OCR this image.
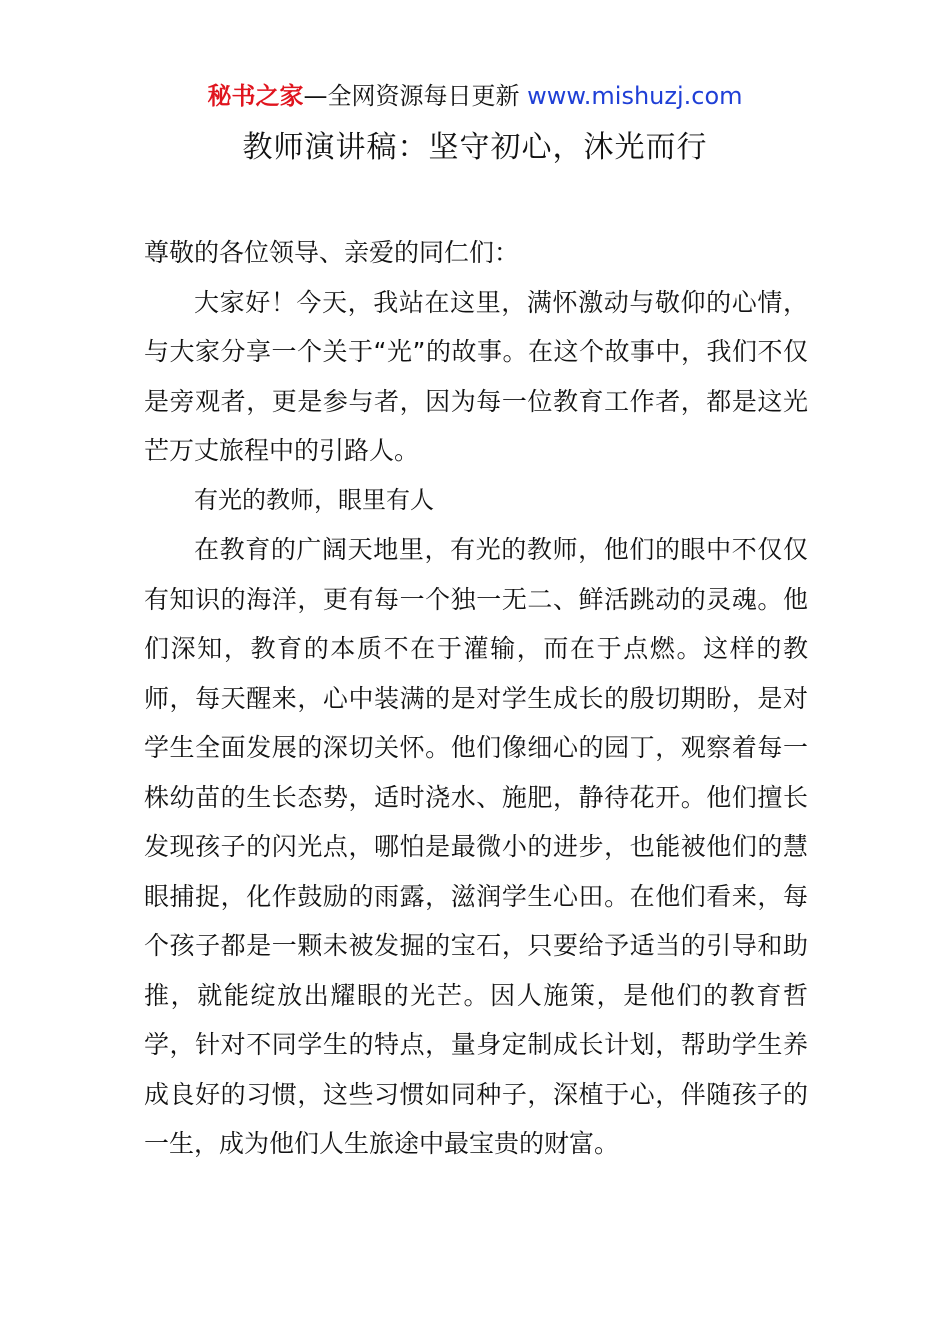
秘书之家—全网资源每日更新 www.mishuzj.com
教师演讲稿：坚守初心，沐光而行

尊敬的各位领导、亲爱的同仁们：

大家好！今天，我站在这里，满怀激动与敬仰的心情，与大家分享一个关于“光”的故事。在这个故事中，我们不仅是旁观者，更是参与者，因为每一位教育工作者，都是这光芒万丈旅程中的引路人。

有光的教师，眼里有人

在教育的广阔天地里，有光的教师，他们的眼中不仅仅有知识的海洋，更有每一个独一无二、鲜活跳动的灵魂。他们深知，教育的本质不在于灌输，而在于点燃。这样的教师，每天醒来，心中装满的是对学生成长的殷切期盼，是对学生全面发展的深切关怀。他们像细心的园丁，观察着每一株幼苗的生长态势，适时浇水、施肥，静待花开。他们擅长发现孩子的闪光点，哪怕是最微小的进步，也能被他们的慧眼捕捉，化作鼓励的雨露，滋润学生心田。在他们看来，每个孩子都是一颗未被发掘的宝石，只要给予适当的引导和助推，就能绽放出耀眼的光芒。因人施策，是他们的教育哲学，针对不同学生的特点，量身定制成长计划，帮助学生养成良好的习惯，这些习惯如同种子，深植于心，伴随孩子的一生，成为他们人生旅途中最宝贵的财富。
